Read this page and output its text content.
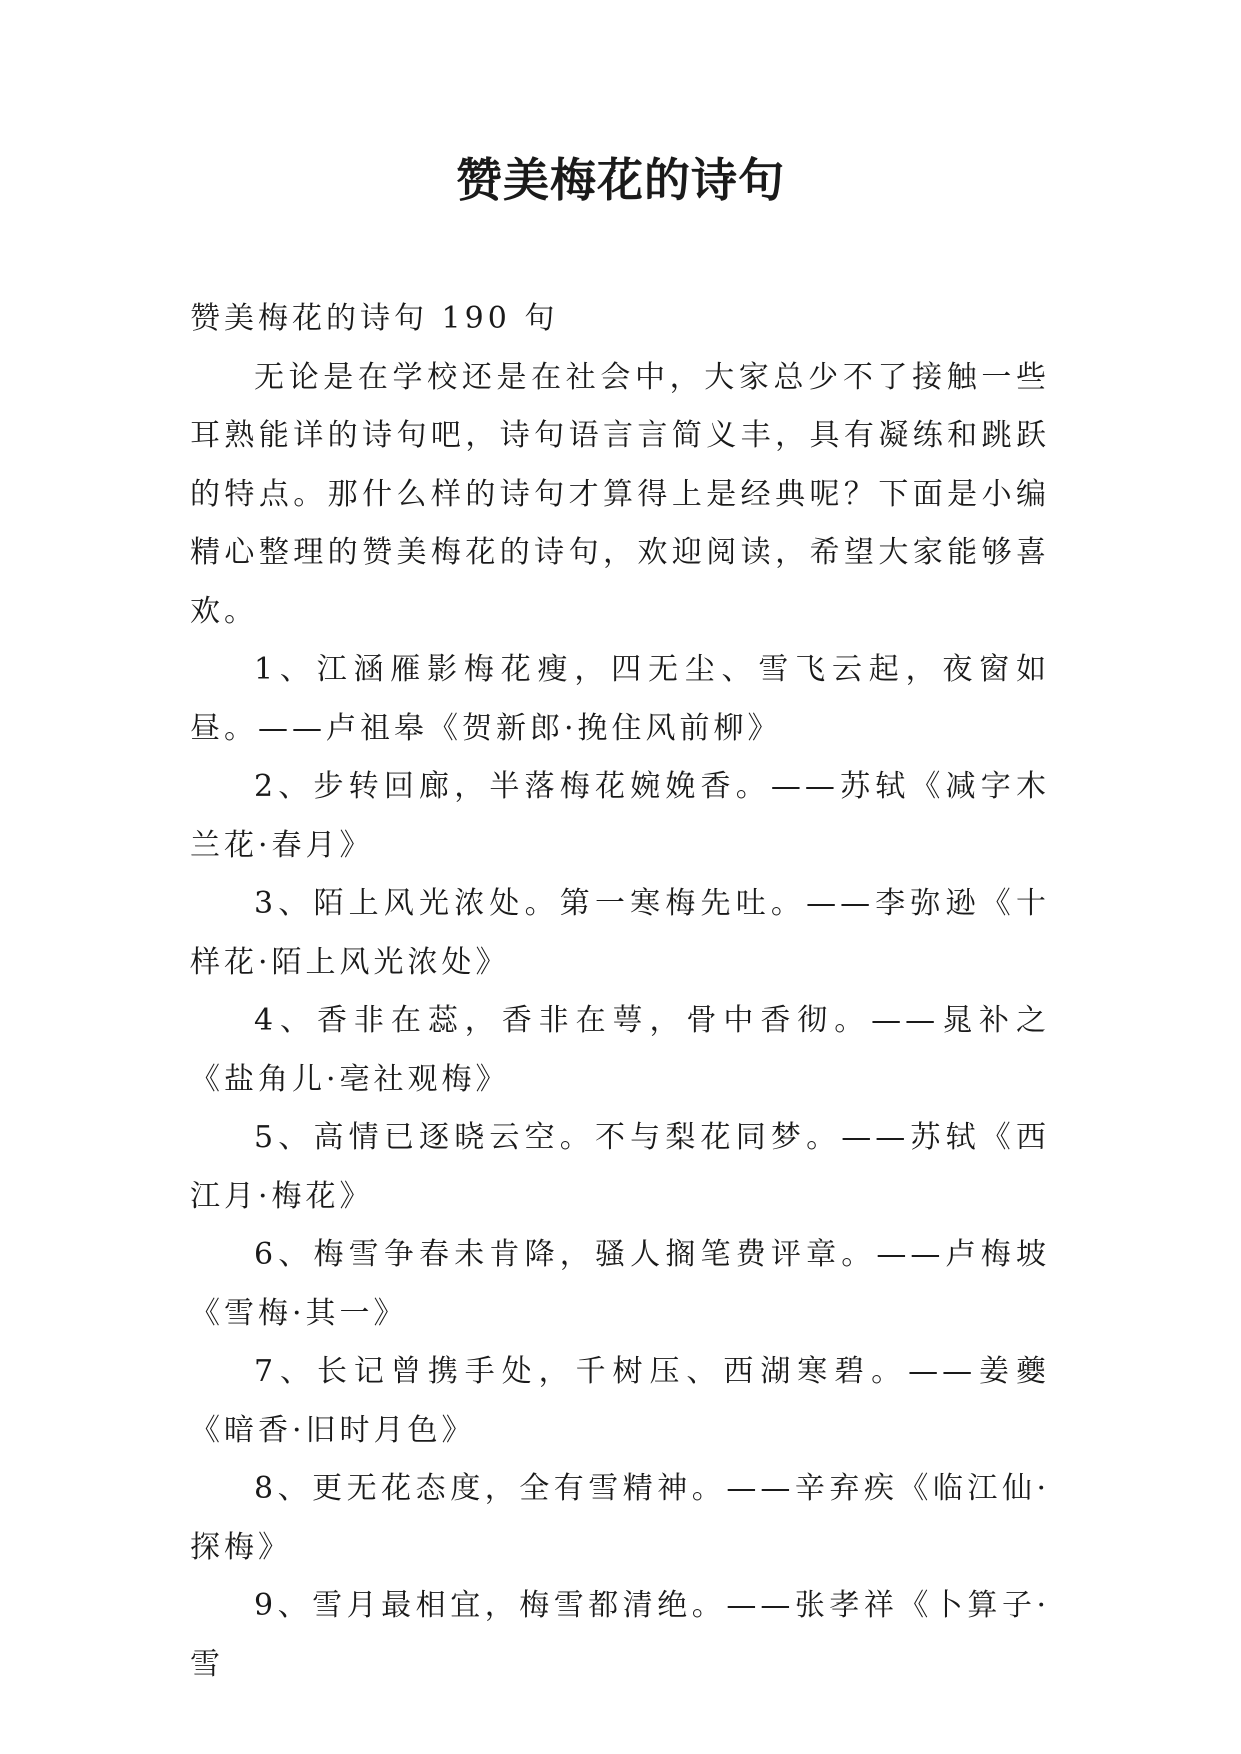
赞美梅花的诗句

赞美梅花的诗句 190 句

无论是在学校还是在社会中，大家总少不了接触一些耳熟能详的诗句吧，诗句语言言简义丰，具有凝练和跳跃的特点。那什么样的诗句才算得上是经典呢？下面是小编精心整理的赞美梅花的诗句，欢迎阅读，希望大家能够喜欢。

1、江涵雁影梅花瘦，四无尘、雪飞云起，夜窗如昼。——卢祖皋《贺新郎·挽住风前柳》

2、步转回廊，半落梅花婉娩香。——苏轼《减字木兰花·春月》

3、陌上风光浓处。第一寒梅先吐。——李弥逊《十样花·陌上风光浓处》

4、香非在蕊，香非在萼，骨中香彻。——晁补之《盐角儿·亳社观梅》

5、高情已逐晓云空。不与梨花同梦。——苏轼《西江月·梅花》

6、梅雪争春未肯降，骚人搁笔费评章。——卢梅坡《雪梅·其一》

7、长记曾携手处，千树压、西湖寒碧。——姜夔《暗香·旧时月色》

8、更无花态度，全有雪精神。——辛弃疾《临江仙·探梅》

9、雪月最相宜，梅雪都清绝。——张孝祥《卜算子·雪
